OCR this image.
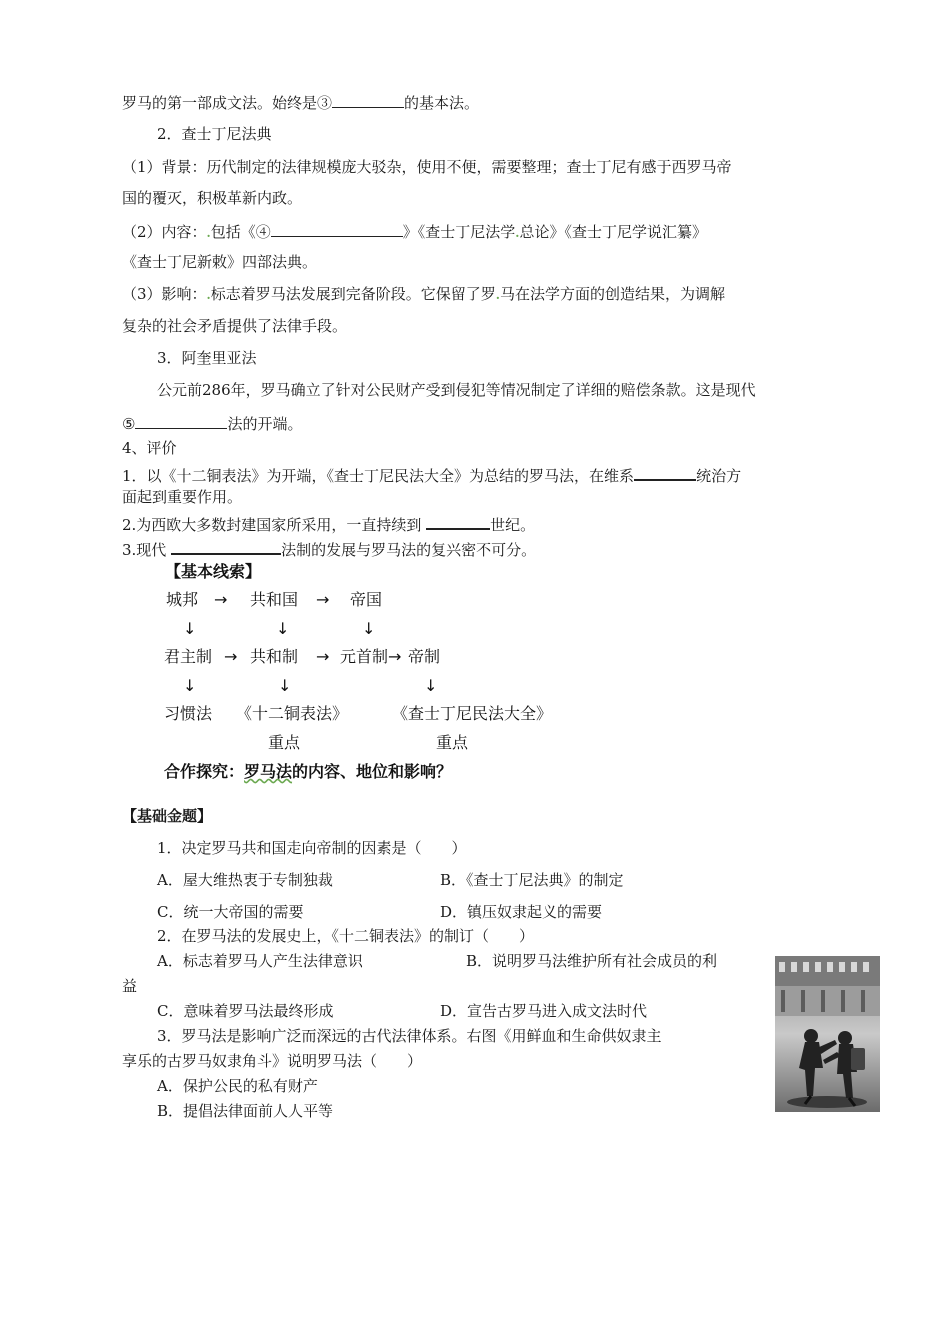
罗马的第一部成文法。始终是③	的基本法。
2．查士丁尼法典
（1）背景：历代制定的法律规模庞大驳杂，使用不便，需要整理；查士丁尼有感于西罗马帝
国的覆灭，积极革新内政。
（2）内容：.包括《④	》《查士丁尼法学.总论》《查士丁尼学说汇纂》
《查士丁尼新敕》四部法典。
（3）影响：.标志着罗马法发展到完备阶段。它保留了罗.马在法学方面的创造结果，为调解
复杂的社会矛盾提供了法律手段。
3．阿奎里亚法
公元前286年，罗马确立了针对公民财产受到侵犯等情况制定了详细的赔偿条款。这是现代
⑤	法的开端。
4、评价
1．以《十二铜表法》为开端，《查士丁尼民法大全》为总结的罗马法，在维系	统治方
面起到重要作用。
2.为西欧大多数封建国家所采用，一直持续到	世纪。
3.现代	法制的发展与罗马法的复兴密不可分。
【基本线索】
城邦 → 共和国 → 帝国
↓	↓	↓
君主制 → 共和制 → 元首制 → 帝制
↓	↓	↓
习惯法 《十二铜表法》	《查士丁尼民法大全》
重点	重点
合作探究：罗马法的内容、地位和影响？
【基础金题】
1．决定罗马共和国走向帝制的因素是（　　）
A．屋大维热衷于专制独裁	B．《查士丁尼法典》的制定
C．统一大帝国的需要	D．镇压奴隶起义的需要
2．在罗马法的发展史上，《十二铜表法》的制订（　　）
A．标志着罗马人产生法律意识	B．说明罗马法维护所有社会成员的利
益
C．意味着罗马法最终形成	D．宣告古罗马进入成文法时代
3．罗马法是影响广泛而深远的古代法律体系。右图《用鲜血和生命供奴隶主
享乐的古罗马奴隶角斗》说明罗马法（　　）
A．保护公民的私有财产
B．提倡法律面前人人平等
